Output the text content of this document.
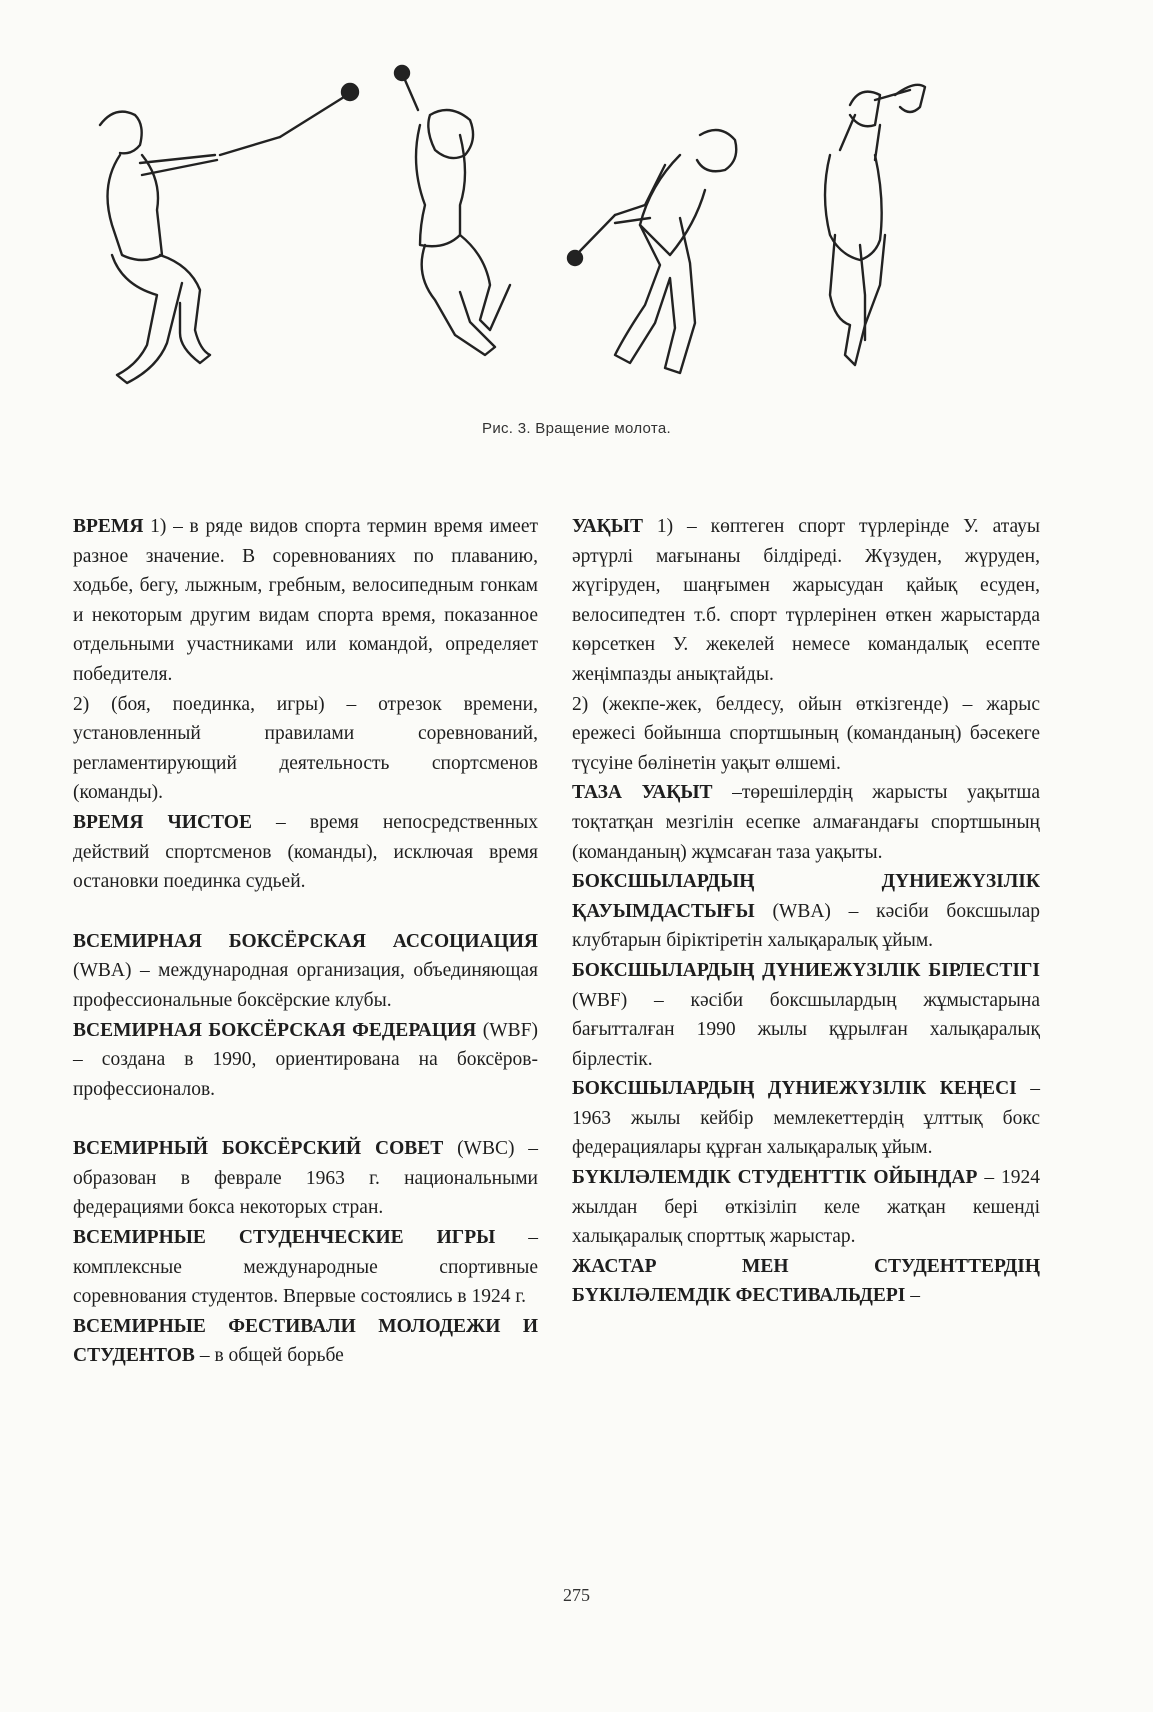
Рис. 3. Вращение молота.

ВРЕМЯ 1) – в ряде видов спорта термин время имеет разное значение. В соревнованиях по плаванию, ходьбе, бегу, лыжным, гребным, велосипедным гонкам и некоторым другим видам спорта время, показанное отдельными участниками или командой, определяет победителя.

2) (боя, поединка, игры) – отрезок времени, установленный правилами соревнований, регламентирующий деятельность спортсменов (команды).

ВРЕМЯ ЧИСТОЕ – время непосредственных действий спортсменов (команды), исключая время остановки поединка судьей.

ВСЕМИРНАЯ БОКСЁРСКАЯ АССОЦИАЦИЯ (WBA) – международная организация, объединяющая профессиональные боксёрские клубы.

ВСЕМИРНАЯ БОКСЁРСКАЯ ФЕДЕРАЦИЯ (WBF) – создана в 1990, ориентирована на боксёров-профессионалов.

ВСЕМИРНЫЙ БОКСЁРСКИЙ СОВЕТ (WBC) – образован в феврале 1963 г. национальными федерациями бокса некоторых стран.

ВСЕМИРНЫЕ СТУДЕНЧЕСКИЕ ИГРЫ – комплексные международные спортивные соревнования студентов. Впервые состоялись в 1924 г.

ВСЕМИРНЫЕ ФЕСТИВАЛИ МОЛОДЕЖИ И СТУДЕНТОВ – в общей борьбе

УАҚЫТ 1) – көптеген спорт түрлерінде У. атауы әртүрлі мағынаны білдіреді. Жүзуден, жүруден, жүгіруден, шаңғымен жарысудан қайық есуден, велосипедтен т.б. спорт түрлерінен өткен жарыстарда көрсеткен У. жекелей немесе командалық есепте жеңімпазды анықтайды.

2) (жекпе-жек, белдесу, ойын өткізгенде) – жарыс ережесі бойынша спортшының (команданың) бәсекеге түсуіне бөлінетін уақыт өлшемі.

ТАЗА УАҚЫТ –төрешілердің жарысты уақытша тоқтатқан мезгілін есепке алмағандағы спортшының (команданың) жұмсаған таза уақыты.

БОКСШЫЛАРДЫҢ ДҮНИЕЖҮЗІЛІК ҚАУЫМДАСТЫҒЫ (WBA) – кәсіби боксшылар клубтарын біріктіретін халықаралық ұйым.

БОКСШЫЛАРДЫҢ ДҮНИЕЖҮЗІЛІК БІРЛЕСТІГІ (WBF) – кәсіби боксшылардың жұмыстарына бағытталған 1990 жылы құрылған халықаралық бірлестік.

БОКСШЫЛАРДЫҢ ДҮНИЕЖҮЗІЛІК КЕҢЕСІ – 1963 жылы кейбір мемлекеттердің ұлттық бокс федерациялары құрған халықаралық ұйым.

БҮКІЛӘЛЕМДІК СТУДЕНТТІК ОЙЫНДАР – 1924 жылдан бері өткізіліп келе жатқан кешенді халықаралық спорттық жарыстар.

ЖАСТАР МЕН СТУДЕНТТЕРДІҢ БҮКІЛӘЛЕМДІК ФЕСТИВАЛЬДЕРІ –

275
